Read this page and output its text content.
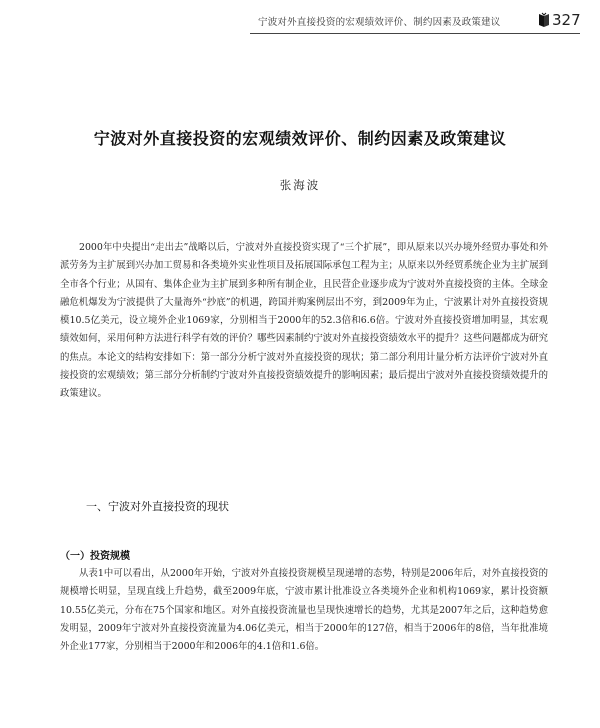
宁波对外直接投资的宏观绩效评价、制约因素及政策建议	327
宁波对外直接投资的宏观绩效评价、制约因素及政策建议
张海波

2000年中央提出“走出去”战略以后，宁波对外直接投资实现了“三个扩展”，即从原来以兴办境外经贸办事处和外派劳务为主扩展到兴办加工贸易和各类境外实业性项目及拓展国际承包工程为主；从原来以外经贸系统企业为主扩展到全市各个行业；从国有、集体企业为主扩展到多种所有制企业，且民营企业逐步成为宁波对外直接投资的主体。全球金融危机爆发为宁波提供了大量海外“抄底”的机遇，跨国并购案例层出不穷，到2009年为止，宁波累计对外直接投资规模10.5亿美元，设立境外企业1069家，分别相当于2000年的52.3倍和6.6倍。宁波对外直接投资增加明显，其宏观绩效如何，采用何种方法进行科学有效的评价？哪些因素制约宁波对外直接投资绩效水平的提升？这些问题都成为研究的焦点。本论文的结构安排如下：第一部分分析宁波对外直接投资的现状；第二部分利用计量分析方法评价宁波对外直接投资的宏观绩效；第三部分分析制约宁波对外直接投资绩效提升的影响因素；最后提出宁波对外直接投资绩效提升的政策建议。

一、宁波对外直接投资的现状
（一）投资规模

从表1中可以看出，从2000年开始，宁波对外直接投资规模呈现递增的态势，特别是2006年后，对外直接投资的规模增长明显，呈现直线上升趋势，截至2009年底，宁波市累计批准设立各类境外企业和机构1069家，累计投资额10.55亿美元，分布在75个国家和地区。对外直接投资流量也呈现快速增长的趋势，尤其是2007年之后，这种趋势愈发明显，2009年宁波对外直接投资流量为4.06亿美元，相当于2000年的127倍，相当于2006年的8倍，当年批准境外企业177家，分别相当于2000年和2006年的4.1倍和1.6倍。
